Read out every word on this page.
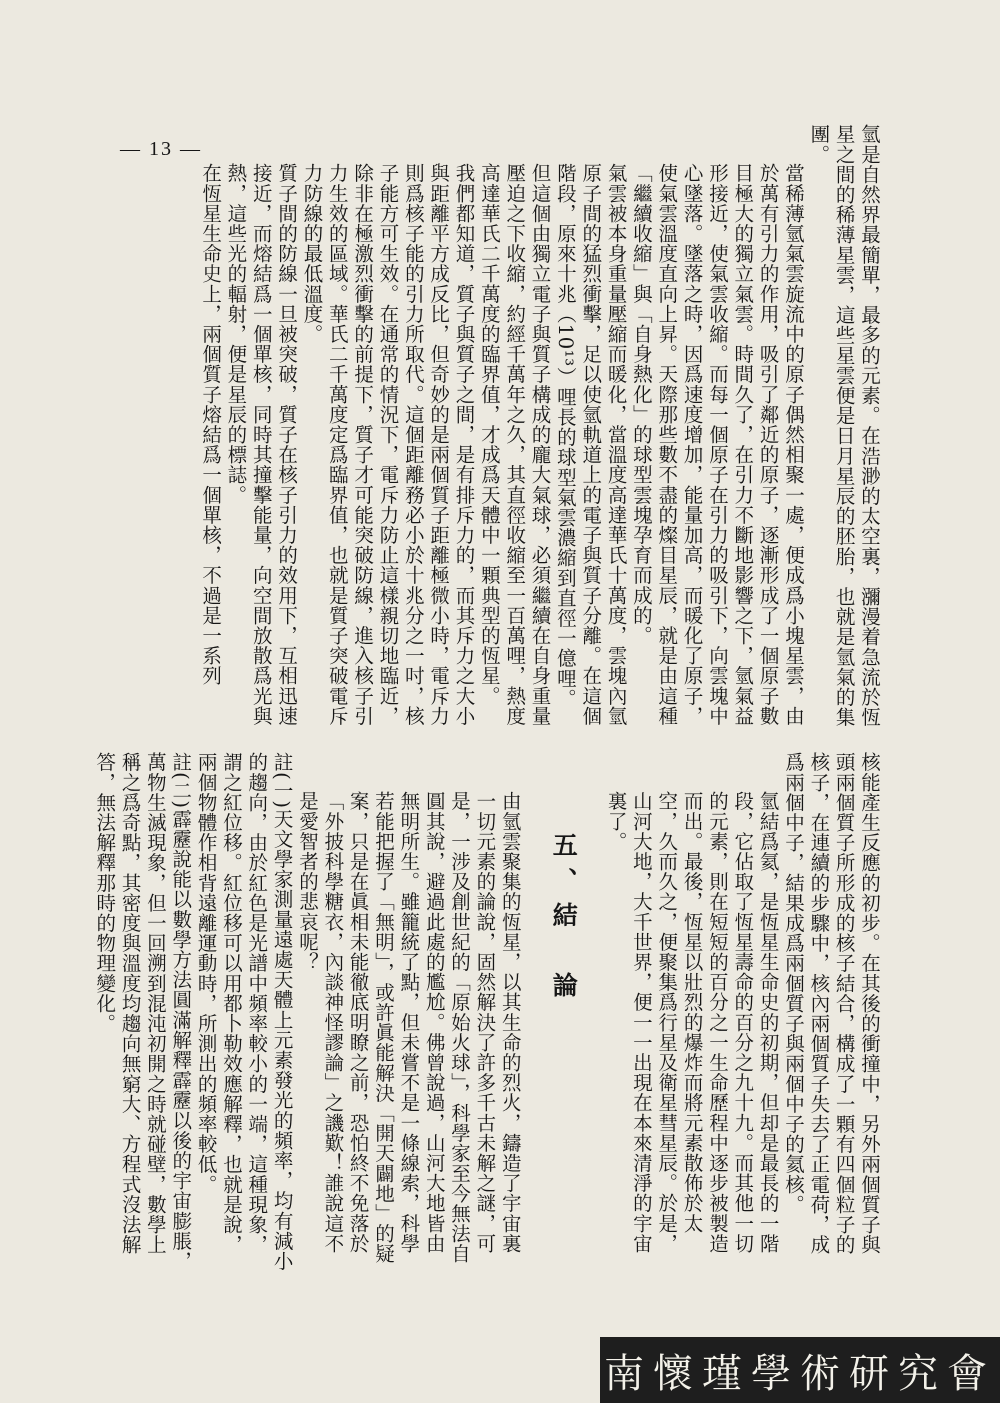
— 13 —	氫是自然界最簡單，最多的元素。在浩渺的太空裏，瀰漫着急流於恆星之間的稀薄星雲，這些星雲便是日月星辰的胚胎，也就是氫氣的集團。

當稀薄氫氣雲旋流中的原子偶然相聚一處，便成爲小塊星雲，由於萬有引力的作用，吸引了鄰近的原子，逐漸形成了一個原子數目極大的獨立氣雲。時間久了，在引力不斷地影響之下，氫氣益形接近，使氣雲收縮。而每一個原子在引力的吸引下，向雲塊中心墜落。墜落之時，因爲速度增加，能量加高，而暖化了原子，使氣雲溫度直向上昇。天際那些數不盡的燦目星辰，就是由這種「繼續收縮」與「自身熱化」的球型雲塊孕育而成的。

氣雲被本身重量壓縮而暖化，當溫度高達華氏十萬度，雲塊內氫原子間的猛烈衝擊，足以使氫軌道上的電子與質子分離。在這個階段，原來十兆（10¹³）哩長的球型氣雲濃縮到直徑一億哩。但這個由獨立電子與質子構成的龐大氣球，必須繼續在自身重量壓迫之下收縮，約經千萬年之久，其直徑收縮至一百萬哩，熱度高達華氏二千萬度的臨界值，才成爲天體中一顆典型的恆星。

我們都知道，質子與質子之間，是有排斥力的，而其斥力之大小與距離平方成反比，但奇妙的是兩個質子距離極微小時，電斥力則爲核子能的引力所取代。這個距離務必小於十兆分之一吋，核子能方可生效。在通常的情況下，電斥力防止這樣親切地臨近，除非在極激烈衝擊的前提下，質子才可能突破防線，進入核子引力生效的區域。華氏二千萬度定爲臨界值，也就是質子突破電斥力防線的最低溫度。

質子間的防線一旦被突破，質子在核子引力的效用下，互相迅速接近，而熔結爲一個單核，同時其撞擊能量，向空間放散爲光與熱，這些光的輻射，便是星辰的標誌。

在恆星生命史上，兩個質子熔結爲一個單核，不過是一系列

核能產生反應的初步。在其後的衝撞中，另外兩個質子與頭兩個質子所形成的核子結合，構成了一顆有四個粒子的核子，在連續的步驟中，核內兩個質子失去了正電荷，成爲兩個中子，結果成爲兩個質子與兩個中子的氦核。

氫結爲氦，是恆星生命史的初期，但却是最長的一階段，它佔取了恆星壽命的百分之九十九。而其他一切的元素，則在短短的百分之一生命歷程中逐步被製造而出。最後，恆星以壯烈的爆炸而將元素散佈於太空，久而久之，便聚集爲行星及衛星彗星辰。於是，山河大地，大千世界，便一一出現在本來清淨的宇宙裏了。

五、結　論

由氫雲聚集的恆星，以其生命的烈火，鑄造了宇宙裏一切元素的論說，固然解決了許多千古未解之謎，可是，一涉及創世紀的「原始火球」，科學家至今無法自圓其說，避過此處的尷尬。佛曾說過，山河大地皆由無明所生。雖籠統了點，但未嘗不是一條線索，科學若能把握了「無明」，或許眞能解決「開天闢地」的疑案，只是在眞相未能徹底明瞭之前，恐怕終不免落於「外披科學糖衣，內談神怪謬論」之譏歎！誰說這不是愛智者的悲哀呢？

註(一)天文學家測量遠處天體上元素發光的頻率，均有減小的趨向，由於紅色是光譜中頻率較小的一端，這種現象，謂之紅位移。紅位移可以用都卜勒效應解釋，也就是說，兩個物體作相背遠離運動時，所測出的頻率較低。

註(二)霹靂說能以數學方法圓滿解釋霹靂以後的宇宙膨脹，萬物生滅現象，但一回溯到混沌初開之時就碰壁，數學上稱之爲奇點，其密度與溫度均趨向無窮大、方程式沒法解答，無法解釋那時的物理變化。

南懷瑾學術研究會
